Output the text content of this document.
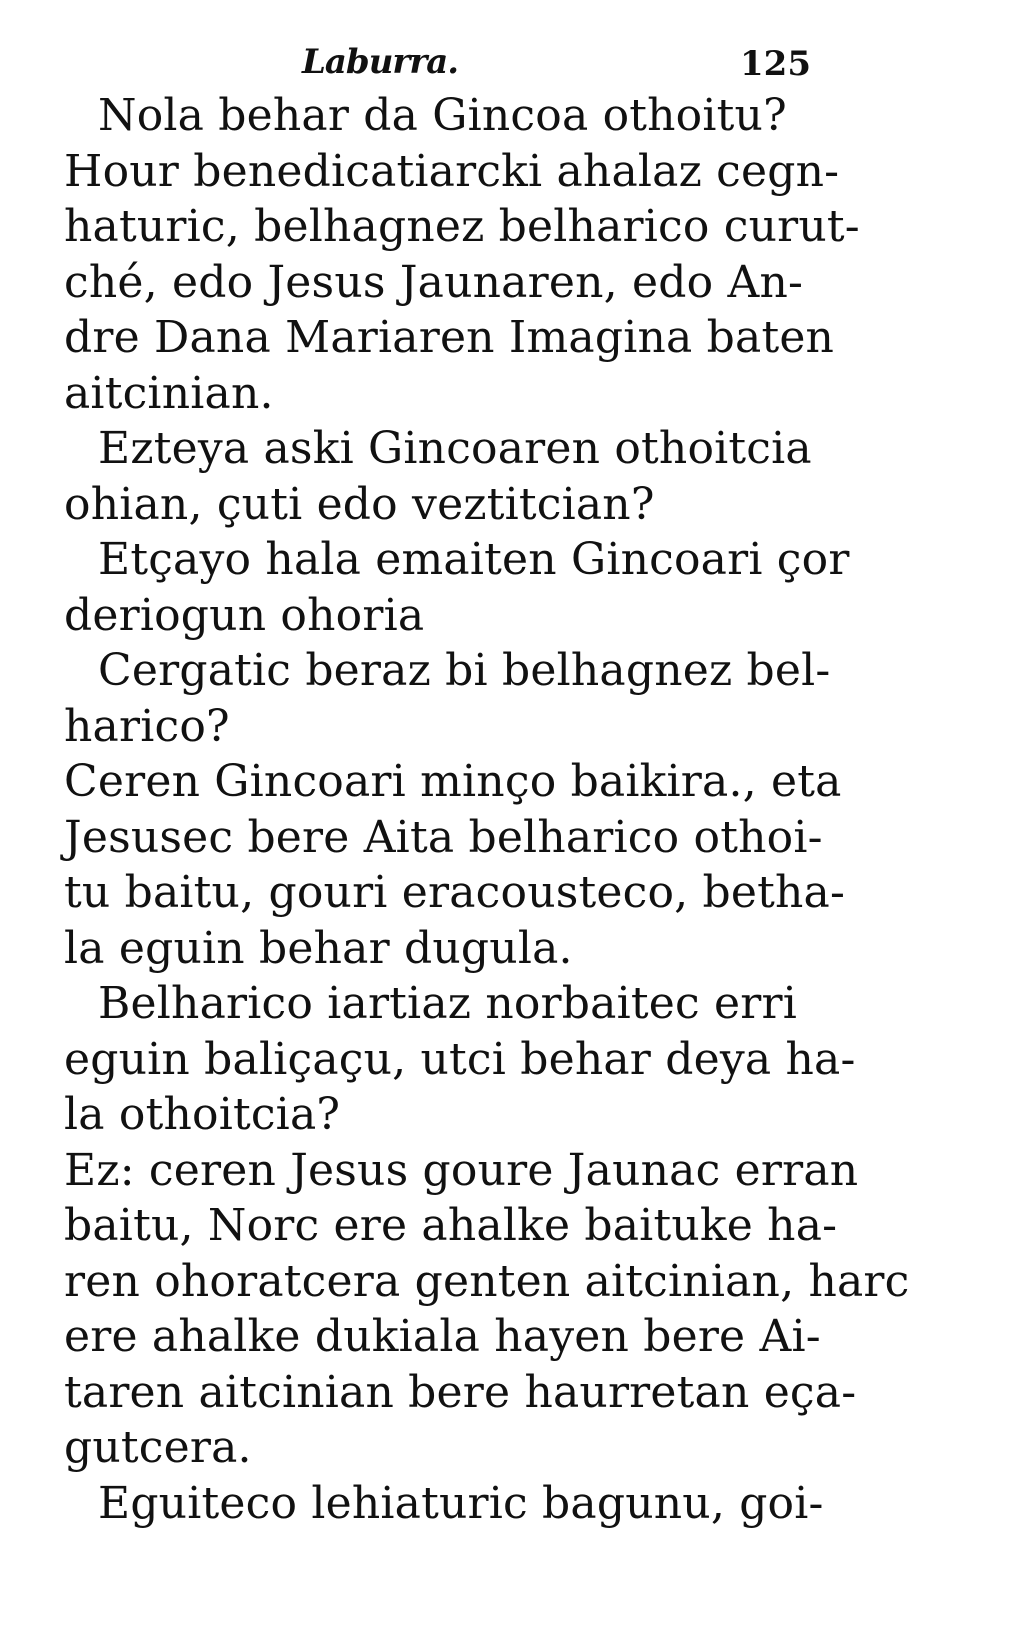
Laburra.	125
Nola behar da Gincoa othoitu?
Hour benedicatiarcki ahalaz cegn-
haturic, belhagnez belharico curut-
ché, edo Jesus Jaunaren, edo An-
dre Dana Mariaren Imagina baten
aitcinian.
Ezteya aski Gincoaren othoitcia
ohian, çuti edo veztitcian?
Etçayo hala emaiten Gincoari çor
deriogun ohoria
Cergatic beraz bi belhagnez bel-
harico?
Ceren Gincoari minço baikira., eta
Jesusec bere Aita belharico othoi-
tu baitu, gouri eracousteco, betha-
la eguin behar dugula.
Belharico iartiaz norbaitec erri
eguin baliçaçu, utci behar deya ha-
la othoitcia?
Ez: ceren Jesus goure Jaunac erran
baitu, Norc ere ahalke baituke ha-
ren ohoratcera genten aitcinian, harc
ere ahalke dukiala hayen bere Ai-
taren aitcinian bere haurretan eça-
gutcera.
Eguiteco lehiaturic bagunu, goi-
